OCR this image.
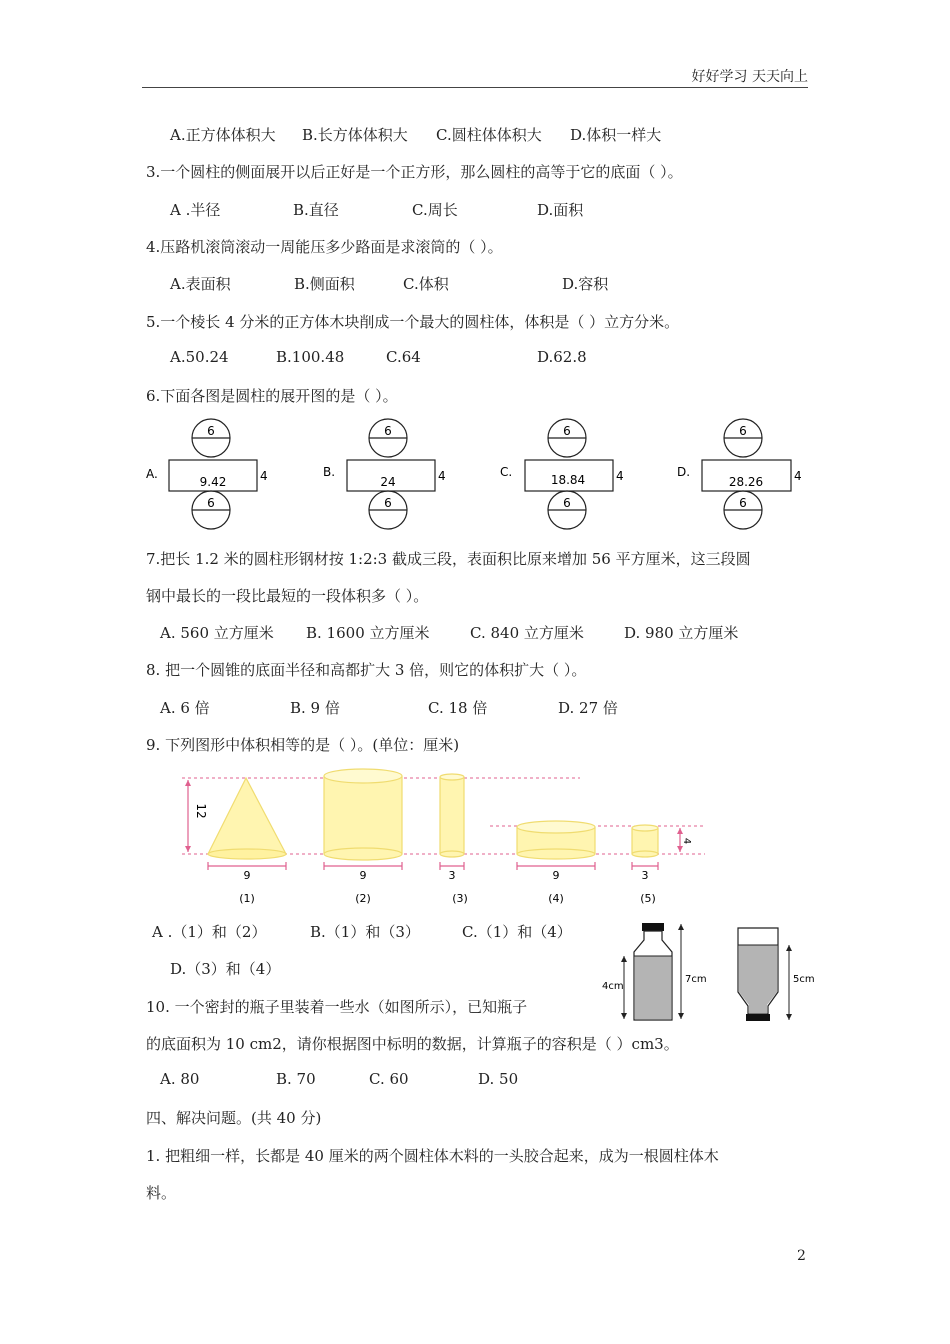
好好学习 天天向上
A.正方体体积大 B.长方体体积大 C.圆柱体体积大 D.体积一样大
3.一个圆柱的侧面展开以后正好是一个正方形，那么圆柱的高等于它的底面（ ）。
A .半径	B.直径	C.周长	D.面积
4.压路机滚筒滚动一周能压多少路面是求滚筒的（ ）。
A.表面积	B.侧面积	C.体积	D.容积
5.一个棱长 4 分米的正方体木块削成一个最大的圆柱体，体积是（ ）立方分米。
A.50.24	B.100.48	C.64	D.62.8
6.下面各图是圆柱的展开图的是（ ）。
A.
6
9.42	4
6
B.
6
24	4
6
C.
6
18.84	4
6
D.
6
28.26	4
6
7.把长 1.2 米的圆柱形钢材按 1:2:3 截成三段，表面积比原来增加 56 平方厘米，这三段圆
钢中最长的一段比最短的一段体积多（ ）。
A. 560 立方厘米 B. 1600 立方厘米	C. 840 立方厘米	D. 980 立方厘米
8. 把一个圆锥的底面半径和高都扩大 3 倍，则它的体积扩大（ ）。
A. 6 倍	B. 9 倍	C. 18 倍	D. 27 倍
9. 下列图形中体积相等的是（ ）。(单位：厘米)
12
4
9	9	3	9	3
(1)	(2)	(3)	(4)	(5)
A .（1）和（2）	B.（1）和（3）	C.（1）和（4）
D.（3）和（4）
4cm
7cm	5cm
10. 一个密封的瓶子里装着一些水（如图所示），已知瓶子
的底面积为 10 cm2，请你根据图中标明的数据，计算瓶子的容积是（ ）cm3。
A. 80	B. 70	C. 60	D. 50
四、解决问题。(共 40 分)
1. 把粗细一样，长都是 40 厘米的两个圆柱体木料的一头胶合起来，成为一根圆柱体木
料。
2
